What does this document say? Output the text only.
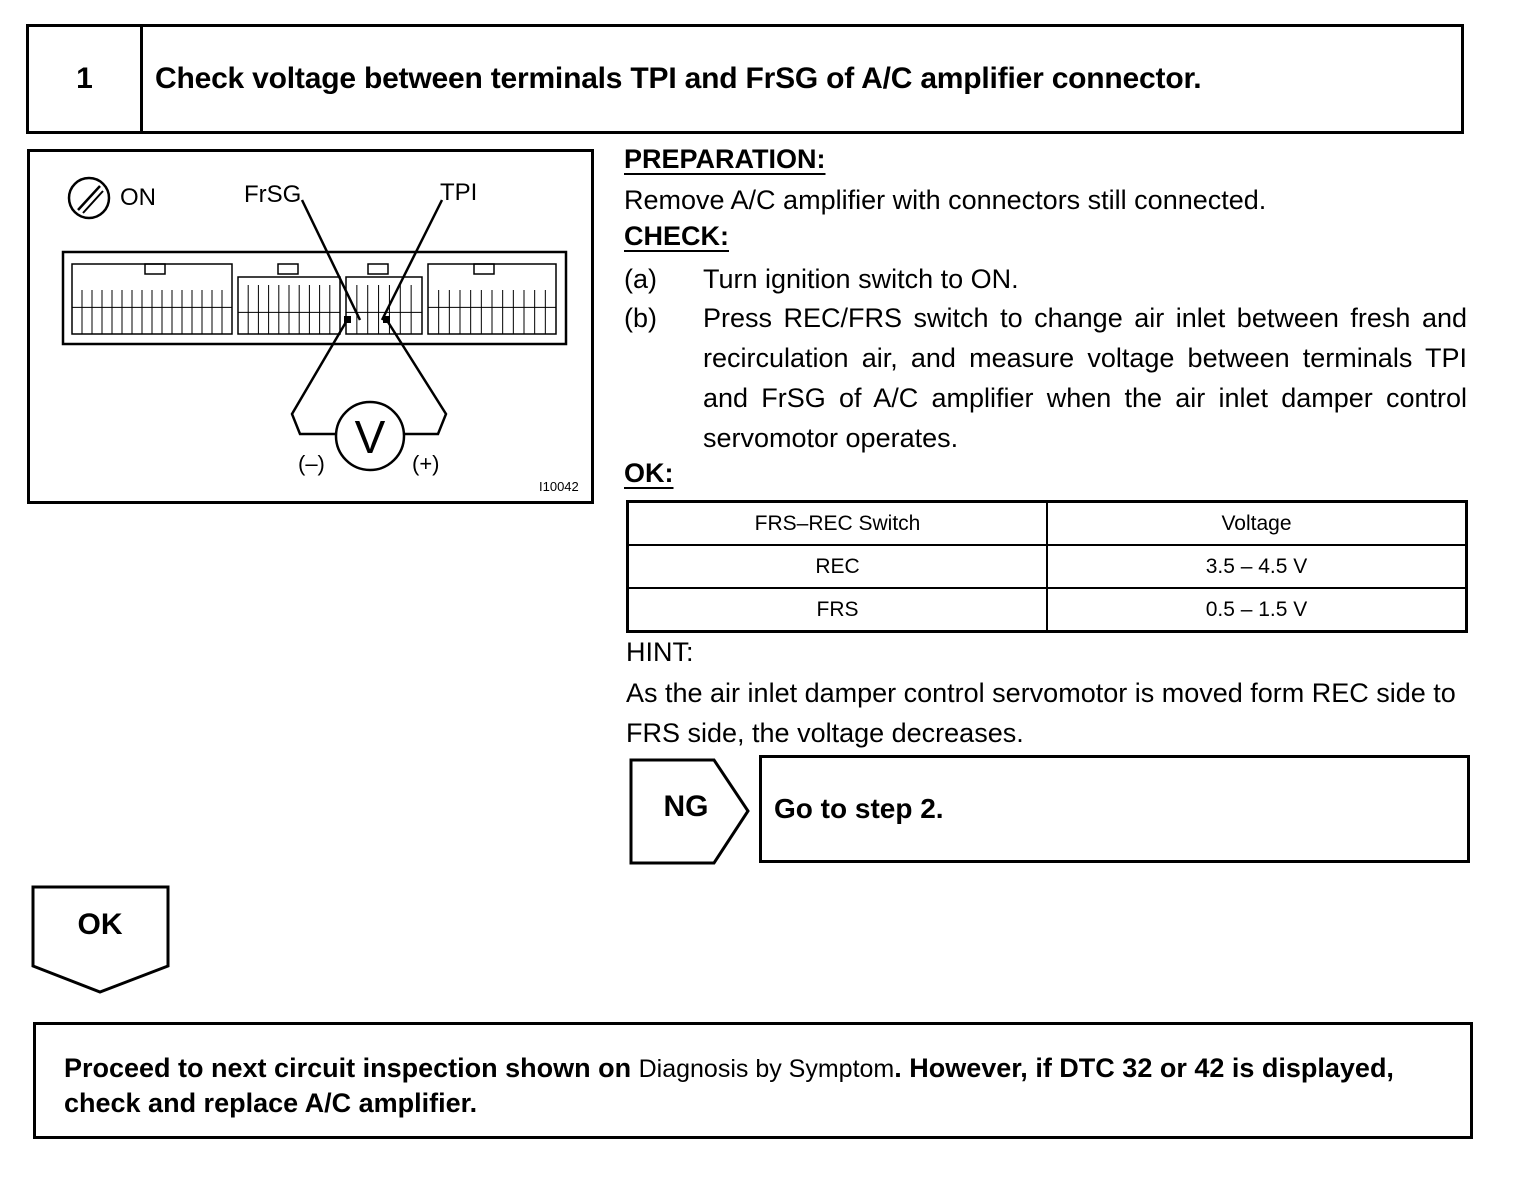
1	Check voltage between terminals TPI and FrSG of A/C amplifier connector.
ON	FrSG	TPI
V
(–)	(+)
I10042
PREPARATION:
Remove A/C amplifier with connectors still connected.
CHECK:
(a) Turn ignition switch to ON.
(b) Press REC/FRS switch to change air inlet between fresh and recirculation air, and measure voltage between terminals TPI and FrSG of A/C amplifier when the air inlet damper control servomotor operates.
OK:
FRS–REC Switch	Voltage
REC	3.5 – 4.5 V
FRS	0.5 – 1.5 V
HINT:
As the air inlet damper control servomotor is moved form REC side to FRS side, the voltage decreases.
NG	Go to step 2.
OK
Proceed to next circuit inspection shown on Diagnosis by Symptom. However, if DTC 32 or 42 is displayed, check and replace A/C amplifier.
